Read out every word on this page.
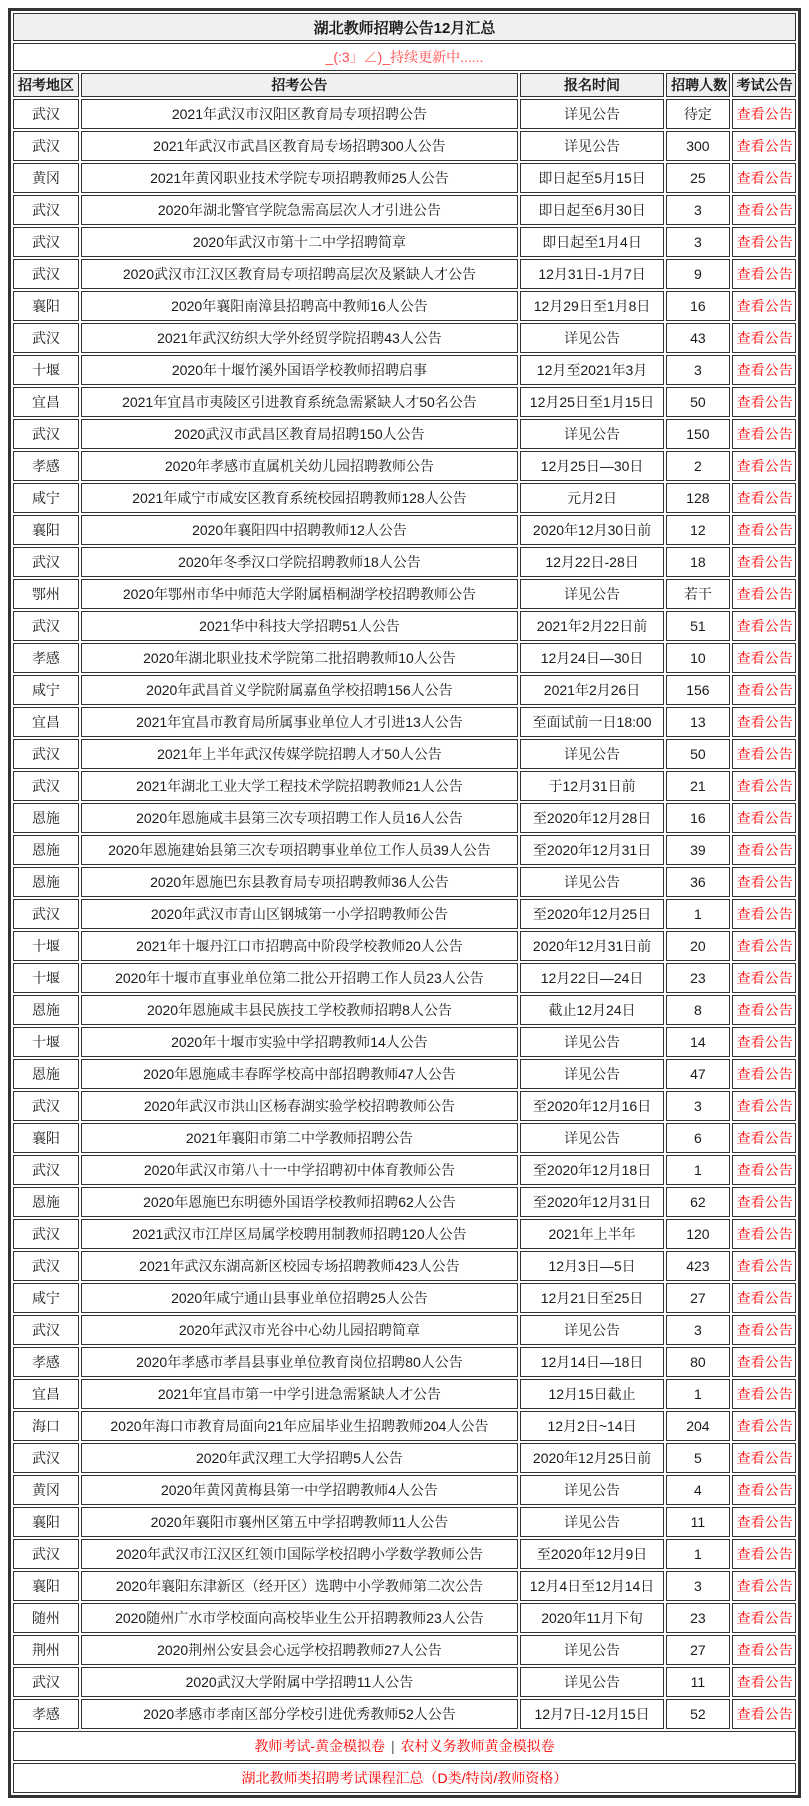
湖北教师招聘公告12月汇总				
_(:3」∠)_持续更新中......				
招考地区	招考公告	报名时间	招聘人数	考试公告
武汉	2021年武汉市汉阳区教育局专项招聘公告	详见公告	待定	查看公告
武汉	2021年武汉市武昌区教育局专场招聘300人公告	详见公告	300	查看公告
黄冈	2021年黄冈职业技术学院专项招聘教师25人公告	即日起至5月15日	25	查看公告
武汉	2020年湖北警官学院急需高层次人才引进公告	即日起至6月30日	3	查看公告
武汉	2020年武汉市第十二中学招聘简章	即日起至1月4日	3	查看公告
武汉	2020武汉市江汉区教育局专项招聘高层次及紧缺人才公告	12月31日-1月7日	9	查看公告
襄阳	2020年襄阳南漳县招聘高中教师16人公告	12月29日至1月8日	16	查看公告
武汉	2021年武汉纺织大学外经贸学院招聘43人公告	详见公告	43	查看公告
十堰	2020年十堰竹溪外国语学校教师招聘启事	12月至2021年3月	3	查看公告
宜昌	2021年宜昌市夷陵区引进教育系统急需紧缺人才50名公告	12月25日至1月15日	50	查看公告
武汉	2020武汉市武昌区教育局招聘150人公告	详见公告	150	查看公告
孝感	2020年孝感市直属机关幼儿园招聘教师公告	12月25日—30日	2	查看公告
咸宁	2021年咸宁市咸安区教育系统校园招聘教师128人公告	元月2日	128	查看公告
襄阳	2020年襄阳四中招聘教师12人公告	2020年12月30日前	12	查看公告
武汉	2020年冬季汉口学院招聘教师18人公告	12月22日-28日	18	查看公告
鄂州	2020年鄂州市华中师范大学附属梧桐湖学校招聘教师公告	详见公告	若干	查看公告
武汉	2021华中科技大学招聘51人公告	2021年2月22日前	51	查看公告
孝感	2020年湖北职业技术学院第二批招聘教师10人公告	12月24日—30日	10	查看公告
咸宁	2020年武昌首义学院附属嘉鱼学校招聘156人公告	2021年2月26日	156	查看公告
宜昌	2021年宜昌市教育局所属事业单位人才引进13人公告	至面试前一日18:00	13	查看公告
武汉	2021年上半年武汉传媒学院招聘人才50人公告	详见公告	50	查看公告
武汉	2021年湖北工业大学工程技术学院招聘教师21人公告	于12月31日前	21	查看公告
恩施	2020年恩施咸丰县第三次专项招聘工作人员16人公告	至2020年12月28日	16	查看公告
恩施	2020年恩施建始县第三次专项招聘事业单位工作人员39人公告	至2020年12月31日	39	查看公告
恩施	2020年恩施巴东县教育局专项招聘教师36人公告	详见公告	36	查看公告
武汉	2020年武汉市青山区钢城第一小学招聘教师公告	至2020年12月25日	1	查看公告
十堰	2021年十堰丹江口市招聘高中阶段学校教师20人公告	2020年12月31日前	20	查看公告
十堰	2020年十堰市直事业单位第二批公开招聘工作人员23人公告	12月22日—24日	23	查看公告
恩施	2020年恩施咸丰县民族技工学校教师招聘8人公告	截止12月24日	8	查看公告
十堰	2020年十堰市实验中学招聘教师14人公告	详见公告	14	查看公告
恩施	2020年恩施咸丰春晖学校高中部招聘教师47人公告	详见公告	47	查看公告
武汉	2020年武汉市洪山区杨春湖实验学校招聘教师公告	至2020年12月16日	3	查看公告
襄阳	2021年襄阳市第二中学教师招聘公告	详见公告	6	查看公告
武汉	2020年武汉市第八十一中学招聘初中体育教师公告	至2020年12月18日	1	查看公告
恩施	2020年恩施巴东明德外国语学校教师招聘62人公告	至2020年12月31日	62	查看公告
武汉	2021武汉市江岸区局属学校聘用制教师招聘120人公告	2021年上半年	120	查看公告
武汉	2021年武汉东湖高新区校园专场招聘教师423人公告	12月3日—5日	423	查看公告
咸宁	2020年咸宁通山县事业单位招聘25人公告	12月21日至25日	27	查看公告
武汉	2020年武汉市光谷中心幼儿园招聘简章	详见公告	3	查看公告
孝感	2020年孝感市孝昌县事业单位教育岗位招聘80人公告	12月14日—18日	80	查看公告
宜昌	2021年宜昌市第一中学引进急需紧缺人才公告	12月15日截止	1	查看公告
海口	2020年海口市教育局面向21年应届毕业生招聘教师204人公告	12月2日~14日	204	查看公告
武汉	2020年武汉理工大学招聘5人公告	2020年12月25日前	5	查看公告
黄冈	2020年黄冈黄梅县第一中学招聘教师4人公告	详见公告	4	查看公告
襄阳	2020年襄阳市襄州区第五中学招聘教师11人公告	详见公告	11	查看公告
武汉	2020年武汉市江汉区红领巾国际学校招聘小学数学教师公告	至2020年12月9日	1	查看公告
襄阳	2020年襄阳东津新区（经开区）选聘中小学教师第二次公告	12月4日至12月14日	3	查看公告
随州	2020随州广水市学校面向高校毕业生公开招聘教师23人公告	2020年11月下旬	23	查看公告
荆州	2020荆州公安县会心远学校招聘教师27人公告	详见公告	27	查看公告
武汉	2020武汉大学附属中学招聘11人公告	详见公告	11	查看公告
孝感	2020孝感市孝南区部分学校引进优秀教师52人公告	12月7日-12月15日	52	查看公告
教师考试-黄金模拟卷 | 农村义务教师黄金模拟卷				
湖北教师类招聘考试课程汇总（D类/特岗/教师资格）				
